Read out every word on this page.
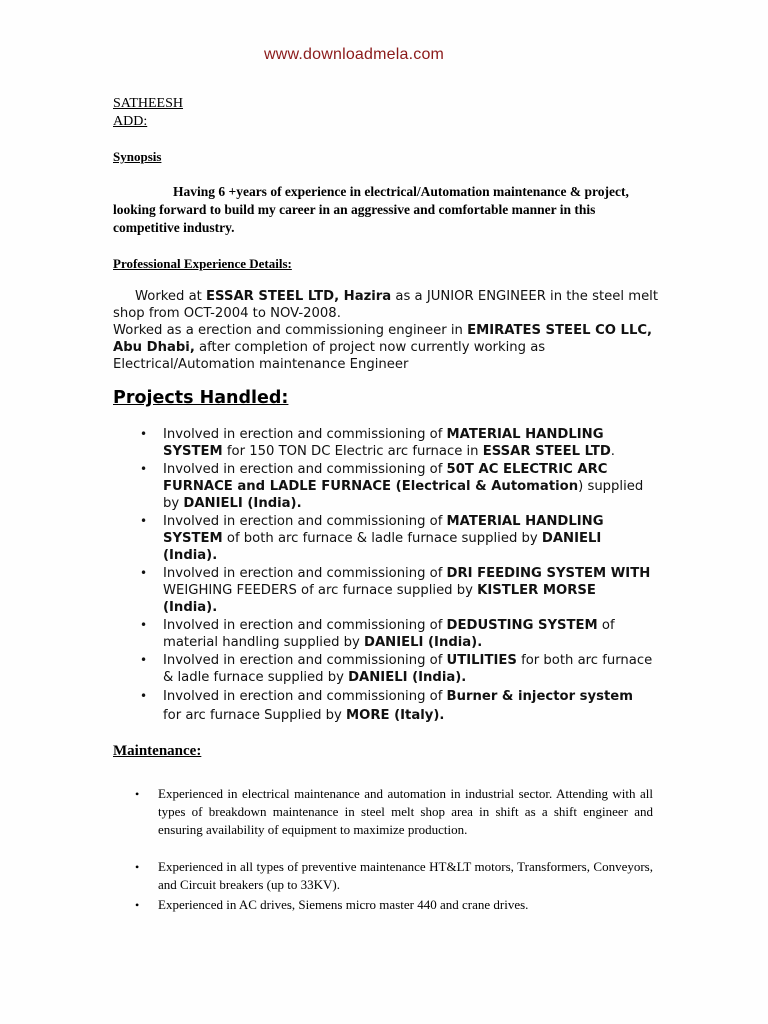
www.downloadmela.com
SATHEESH
ADD:
Synopsis
Having 6 +years of experience in electrical/Automation maintenance & project, looking forward to build my career in an aggressive and comfortable manner in this competitive industry.
Professional Experience Details:
Worked at ESSAR STEEL LTD, Hazira as a JUNIOR ENGINEER in the steel melt shop from OCT-2004 to NOV-2008.
Worked as a erection and commissioning engineer in EMIRATES STEEL CO LLC, Abu Dhabi, after completion of project now currently working as Electrical/Automation maintenance Engineer
Projects Handled:
• Involved in erection and commissioning of MATERIAL HANDLING SYSTEM for 150 TON DC Electric arc furnace in ESSAR STEEL LTD.
• Involved in erection and commissioning of 50T AC ELECTRIC ARC FURNACE and LADLE FURNACE (Electrical & Automation) supplied by DANIELI (India).
• Involved in erection and commissioning of MATERIAL HANDLING SYSTEM of both arc furnace & ladle furnace supplied by DANIELI (India).
• Involved in erection and commissioning of DRI FEEDING SYSTEM WITH WEIGHING FEEDERS of arc furnace supplied by KISTLER MORSE (India).
• Involved in erection and commissioning of DEDUSTING SYSTEM of material handling supplied by DANIELI (India).
• Involved in erection and commissioning of UTILITIES for both arc furnace & ladle furnace supplied by DANIELI (India).
• Involved in erection and commissioning of Burner & injector system for arc furnace Supplied by MORE (Italy).
Maintenance:
• Experienced in electrical maintenance and automation in industrial sector. Attending with all types of breakdown maintenance in steel melt shop area in shift as a shift engineer and ensuring availability of equipment to maximize production.
• Experienced in all types of preventive maintenance HT&LT motors, Transformers, Conveyors, and Circuit breakers (up to 33KV).
• Experienced in AC drives, Siemens micro master 440 and crane drives.
